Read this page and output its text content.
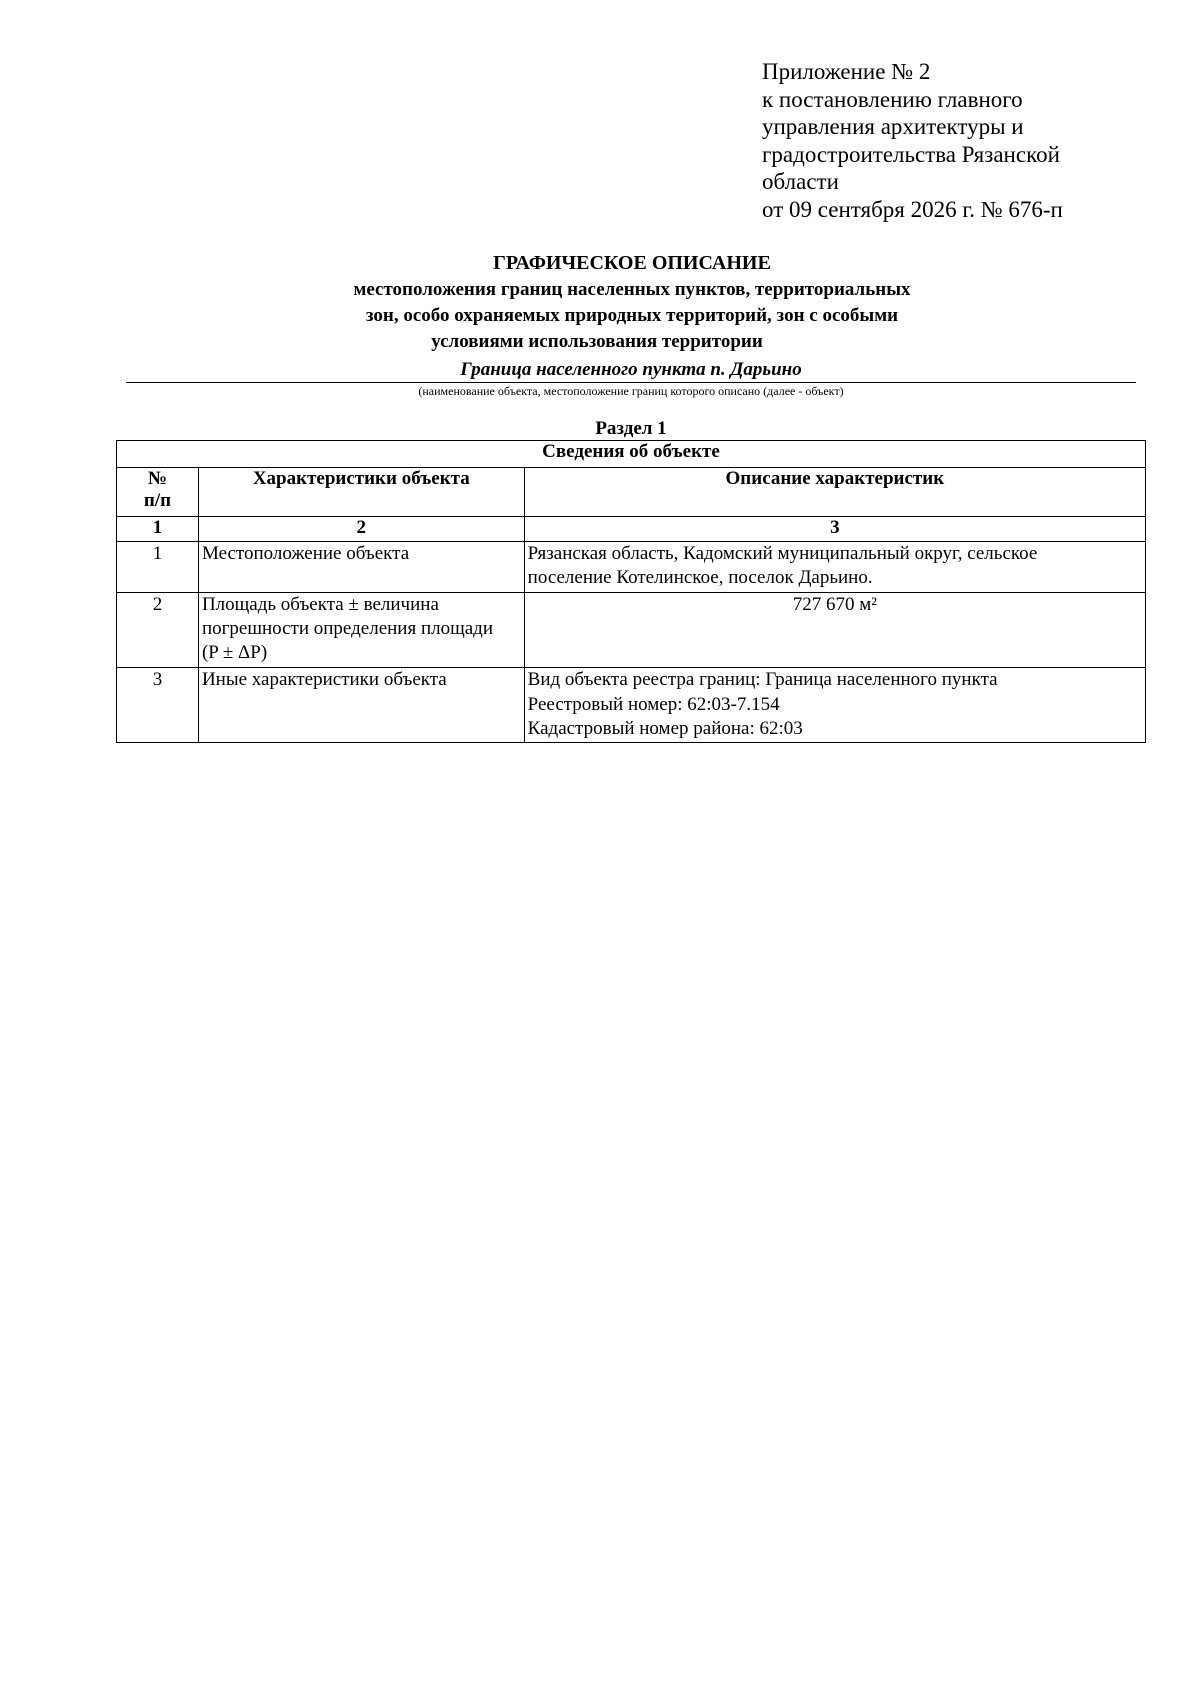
Приложение № 2
к постановлению главного
управления архитектуры и
градостроительства Рязанской
области
от 09 сентября 2026 г. № 676-п
ГРАФИЧЕСКОЕ ОПИСАНИЕ
местоположения границ населенных пунктов, территориальных
зон, особо охраняемых природных территорий, зон с особыми
условиями использования территории
Граница населенного пункта п. Дарьино
(наименование объекта, местоположение границ которого описано (далее - объект)
Раздел 1
Сведения об объекте		
№ п/п	Характеристики объекта	Описание характеристик
1	2	3
1	Местоположение объекта	Рязанская область, Кадомский муниципальный округ, сельское
поселение Котелинское, поселок Дарьино.

2	Площадь объекта ± величина
погрешности определения площади
(P ± ΔP)	727 670 м²
3	Иные характеристики объекта	Вид объекта реестра границ: Граница населенного пункта
Реестровый номер: 62:03-7.154
Кадастровый номер района: 62:03
